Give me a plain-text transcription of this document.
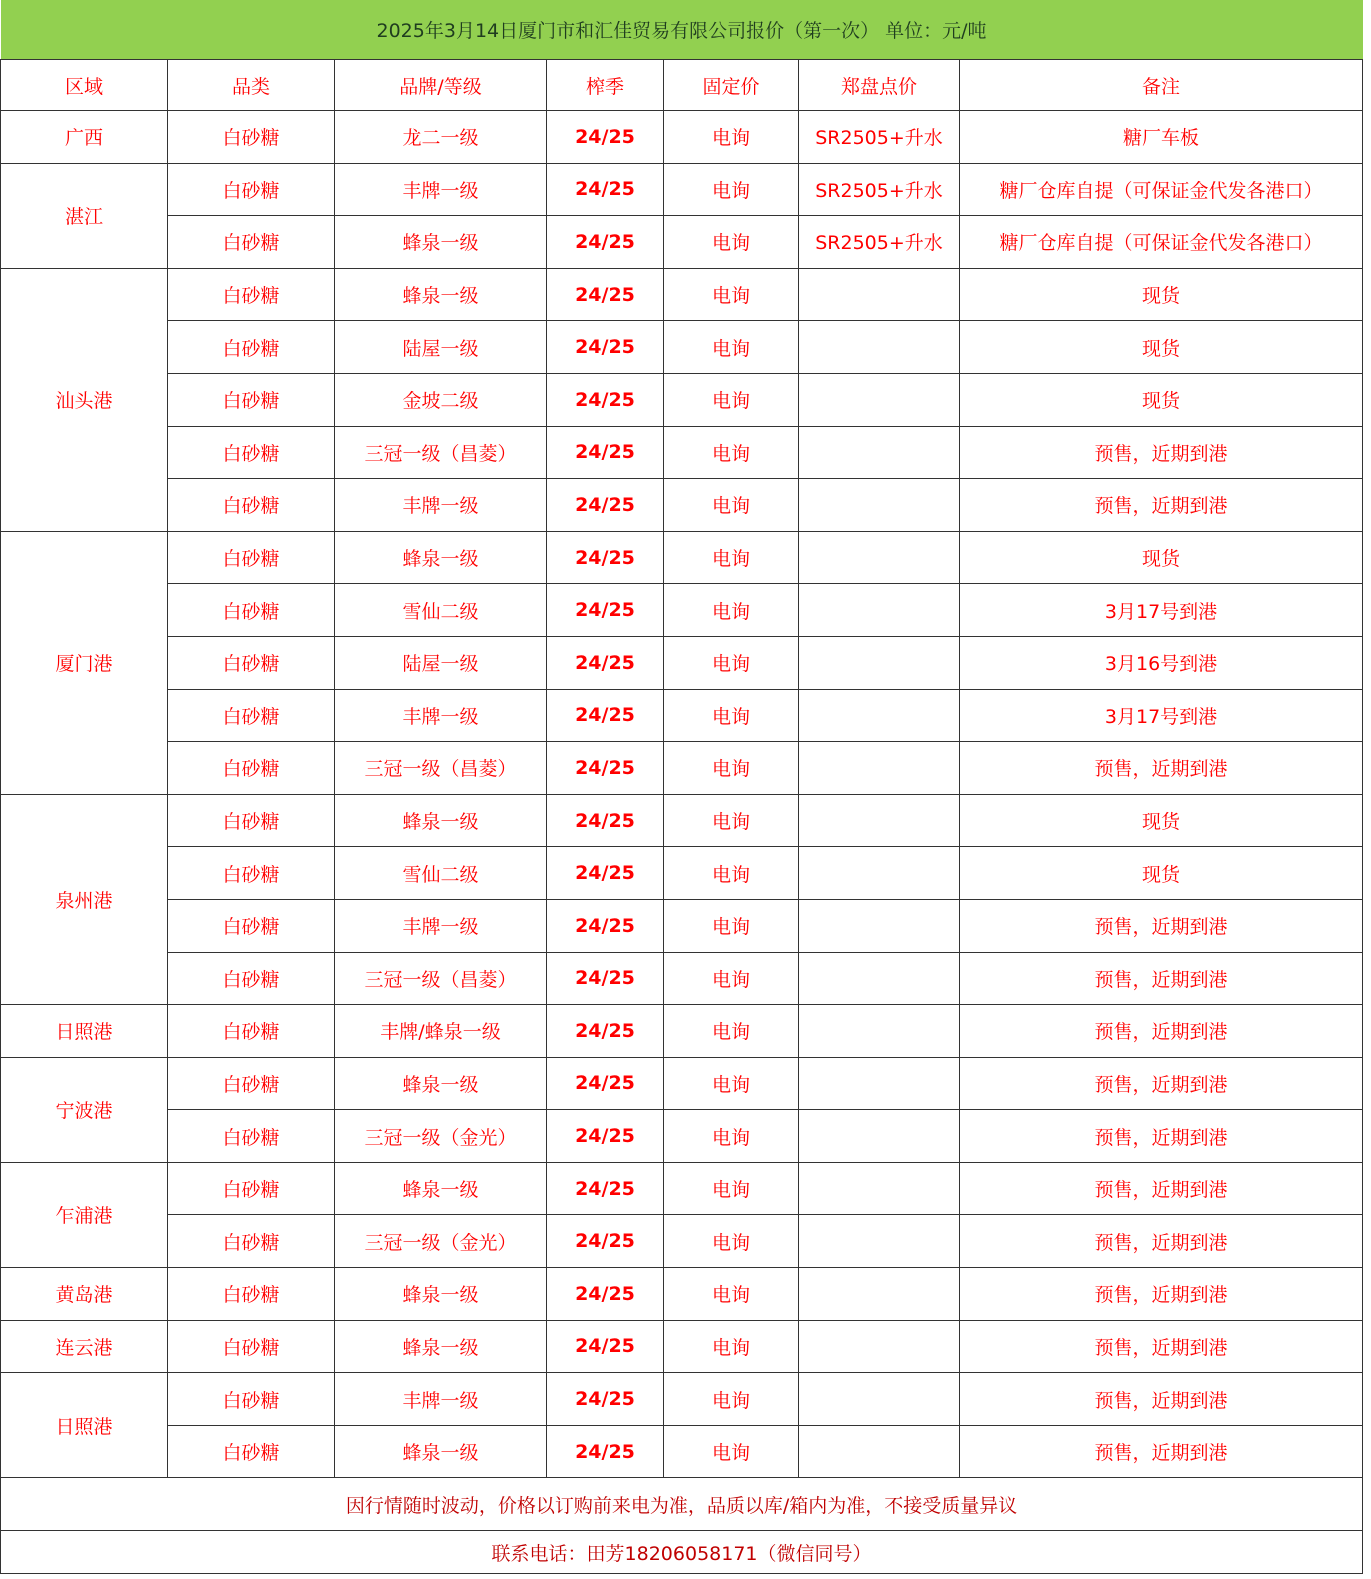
2025年3月14日厦门市和汇佳贸易有限公司报价（第一次） 单位：元/吨						
区域	品类	品牌/等级	榨季	固定价	郑盘点价	备注
广西	白砂糖	龙二一级	24/25	电询	SR2505+升水	糖厂车板
湛江	白砂糖	丰牌一级	24/25	电询	SR2505+升水	糖厂仓库自提（可保证金代发各港口）
	白砂糖	蜂泉一级	24/25	电询	SR2505+升水	糖厂仓库自提（可保证金代发各港口）
汕头港	白砂糖	蜂泉一级	24/25	电询		现货
	白砂糖	陆屋一级	24/25	电询		现货
	白砂糖	金坡二级	24/25	电询		现货
	白砂糖	三冠一级（昌菱）	24/25	电询		预售，近期到港
	白砂糖	丰牌一级	24/25	电询		预售，近期到港
厦门港	白砂糖	蜂泉一级	24/25	电询		现货
	白砂糖	雪仙二级	24/25	电询		3月17号到港
	白砂糖	陆屋一级	24/25	电询		3月16号到港
	白砂糖	丰牌一级	24/25	电询		3月17号到港
	白砂糖	三冠一级（昌菱）	24/25	电询		预售，近期到港
泉州港	白砂糖	蜂泉一级	24/25	电询		现货
	白砂糖	雪仙二级	24/25	电询		现货
	白砂糖	丰牌一级	24/25	电询		预售，近期到港
	白砂糖	三冠一级（昌菱）	24/25	电询		预售，近期到港
日照港	白砂糖	丰牌/蜂泉一级	24/25	电询		预售，近期到港
宁波港	白砂糖	蜂泉一级	24/25	电询		预售，近期到港
	白砂糖	三冠一级（金光）	24/25	电询		预售，近期到港
乍浦港	白砂糖	蜂泉一级	24/25	电询		预售，近期到港
	白砂糖	三冠一级（金光）	24/25	电询		预售，近期到港
黄岛港	白砂糖	蜂泉一级	24/25	电询		预售，近期到港
连云港	白砂糖	蜂泉一级	24/25	电询		预售，近期到港
日照港	白砂糖	丰牌一级	24/25	电询		预售，近期到港
	白砂糖	蜂泉一级	24/25	电询		预售，近期到港
因行情随时波动，价格以订购前来电为准，品质以库/箱内为准，不接受质量异议						
联系电话：田芳18206058171（微信同号）						
